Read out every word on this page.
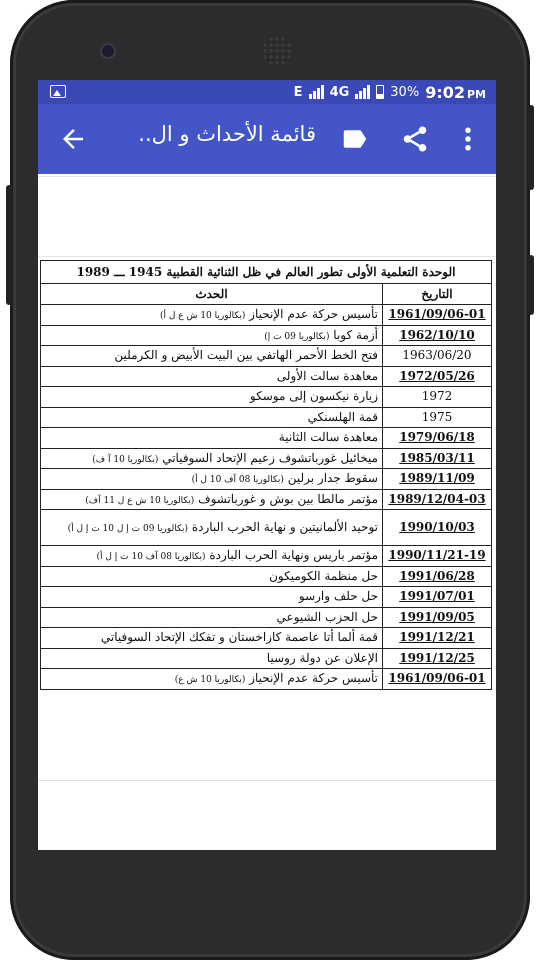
E 4G	30% 9:02 PM
قائمة الأحداث و ال..
الوحدة التعلمية الأولى تطور العالم في ظل الثنائية القطبية 1945 ـــ 1989	
التاريخ	الحدث
1961/09/06-01	تأسيس حركة عدم الإنحياز (بكالوريا 10 ش ع ل أ)
1962/10/10	أزمة كوبا (بكالوريا 09 ت إ)
1963/06/20	فتح الخط الأحمر الهاتفي بين البيت الأبيض و الكرملين
1972/05/26	معاهدة سالت الأولى
1972	زيارة نيكسون إلى موسكو
1975	قمة الهلسنكي
1979/06/18	معاهدة سالت الثانية
1985/03/11	ميخائيل غورباتشوف زعيم الإتحاد السوفياتي (بكالوريا 10 آ ف)
1989/11/09	سقوط جدار برلين (بكالوريا 08 آف 10 ل أ)
1989/12/04-03	مؤتمر مالطا بين بوش و غورباتشوف (بكالوريا 10 ش ع ل 11 آف)
1990/10/03	توحيد الألمانيتين و نهاية الحرب الباردة (بكالوريا 09 ت إ ل 10 ت إ ل أ)
1990/11/21-19	مؤتمر باريس ونهاية الحرب الباردة (بكالوريا 08 آف 10 ت إ ل أ)
1991/06/28	حل منظمة الكوميكون
1991/07/01	حل حلف وارسو
1991/09/05	حل الحزب الشيوعي
1991/12/21	قمة ألما أتا عاصمة كازاخستان و تفكك الإتحاد السوفياتي
1991/12/25	الإعلان عن دولة روسيا
1961/09/06-01	تأسيس حركة عدم الإنحياز (بكالوريا 10 ش ع)
